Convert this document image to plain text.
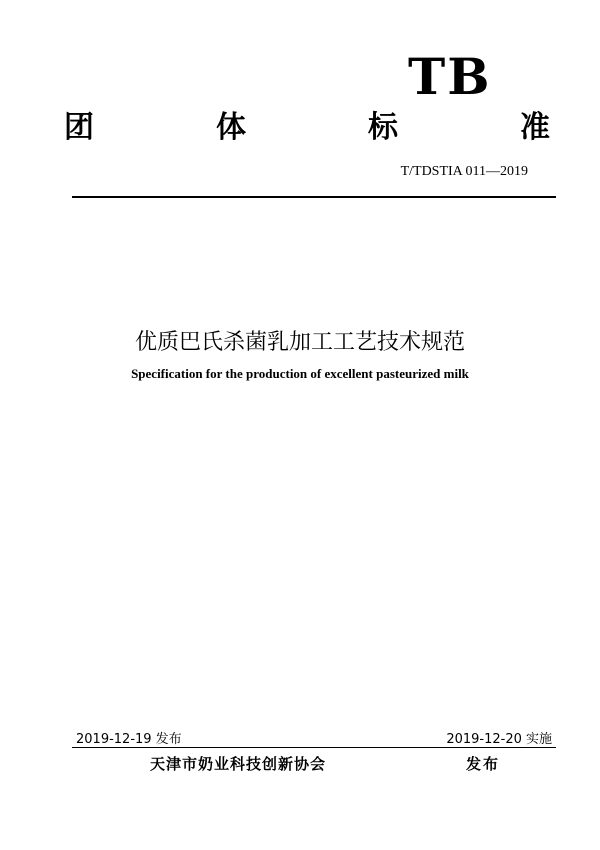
TB
团	体	标	准
T/TDSTIA 011—2019
优质巴氏杀菌乳加工工艺技术规范
Specification for the production of excellent pasteurized milk
2019-12-19 发布	2019-12-20 实施
天津市奶业科技创新协会	发布
